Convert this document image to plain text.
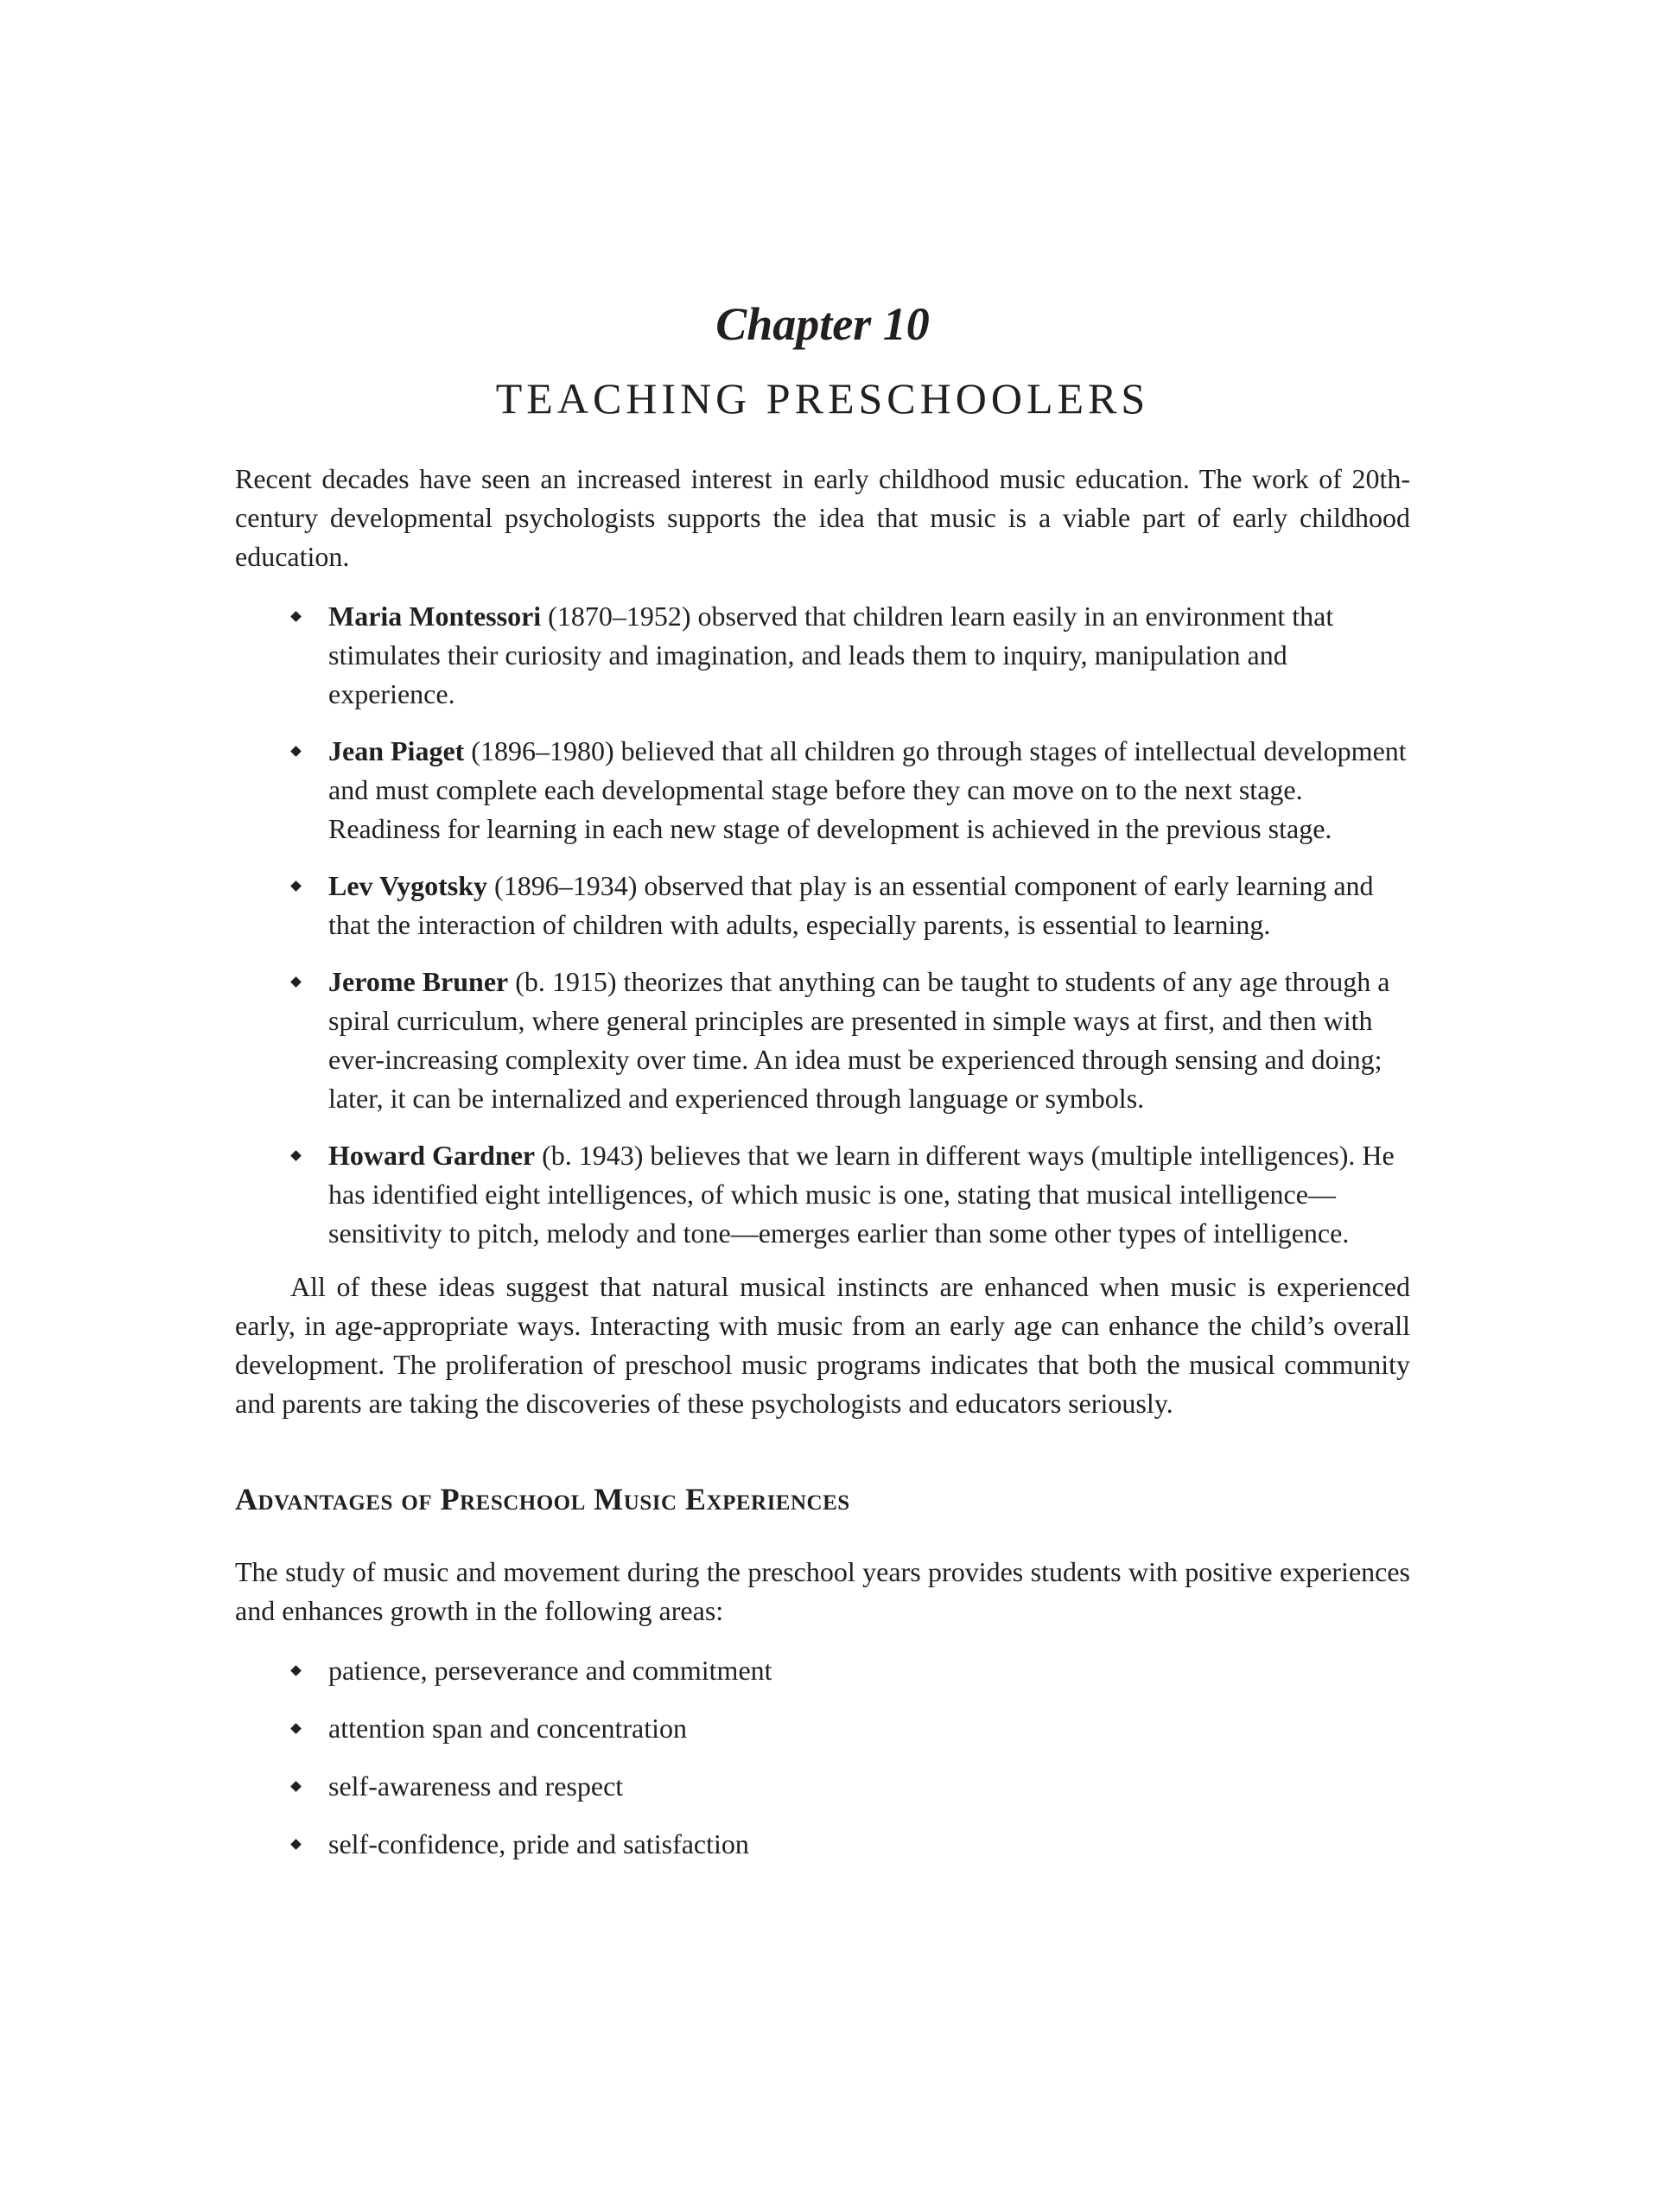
Chapter 10
TEACHING PRESCHOOLERS

Recent decades have seen an increased interest in early childhood music education. The work of 20th-century developmental psychologists supports the idea that music is a viable part of early childhood education.

Maria Montessori (1870–1952) observed that children learn easily in an environment that stimulates their curiosity and imagination, and leads them to inquiry, manipulation and experience.
Jean Piaget (1896–1980) believed that all children go through stages of intellectual development and must complete each developmental stage before they can move on to the next stage. Readiness for learning in each new stage of development is achieved in the previous stage.
Lev Vygotsky (1896–1934) observed that play is an essential component of early learning and that the interaction of children with adults, especially parents, is essential to learning.
Jerome Bruner (b. 1915) theorizes that anything can be taught to students of any age through a spiral curriculum, where general principles are presented in simple ways at first, and then with ever-increasing complexity over time. An idea must be experienced through sensing and doing; later, it can be internalized and experienced through language or symbols.
Howard Gardner (b. 1943) believes that we learn in different ways (multiple intelligences). He has identified eight intelligences, of which music is one, stating that musical intelligence—sensitivity to pitch, melody and tone—emerges earlier than some other types of intelligence.

All of these ideas suggest that natural musical instincts are enhanced when music is experienced early, in age-appropriate ways. Interacting with music from an early age can enhance the child’s overall development. The proliferation of preschool music programs indicates that both the musical community and parents are taking the discoveries of these psychologists and educators seriously.

Advantages of Preschool Music Experiences

The study of music and movement during the preschool years provides students with positive experiences and enhances growth in the following areas:

patience, perseverance and commitment
attention span and concentration
self-awareness and respect
self-confidence, pride and satisfaction
